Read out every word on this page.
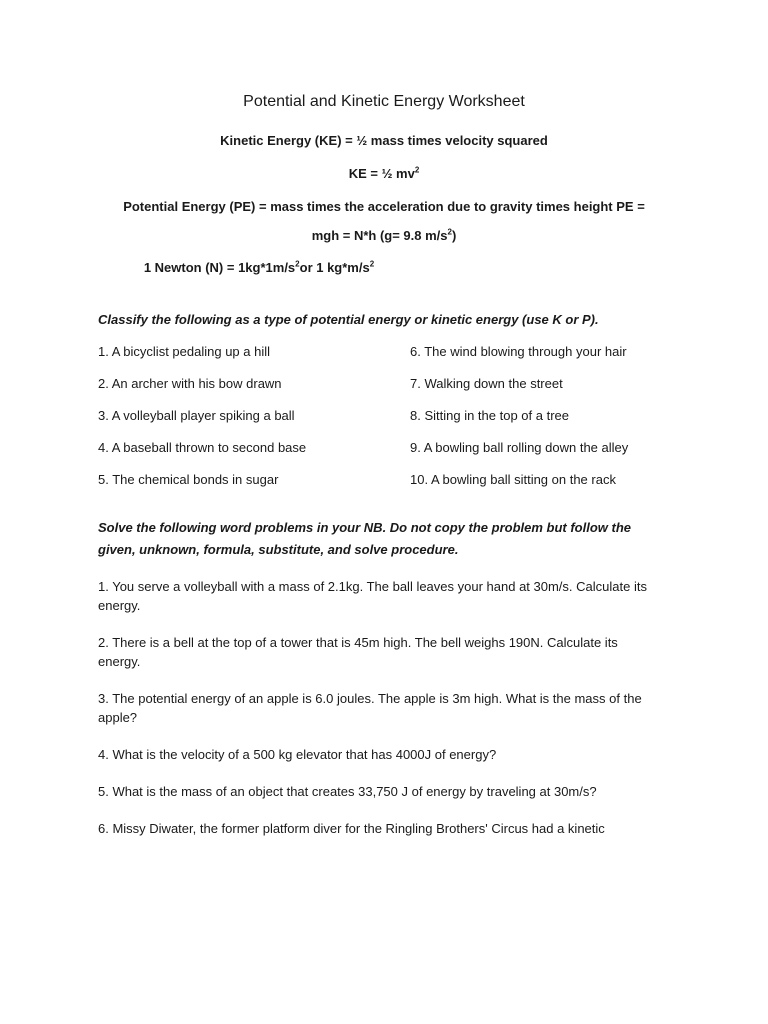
Potential and Kinetic Energy Worksheet
Kinetic Energy (KE) = ½ mass times velocity squared
KE = ½ $mv^2$
Potential Energy (PE) = mass times the acceleration due to gravity times height PE =
mgh = N*h (g= 9.8 $m/s^2$)
1 Newton $(N) = 1kg*1m/s^2or$ 1 $kg*m/s^2$
Classify the following as a type of potential energy or kinetic energy (use K or P).
1. A bicyclist pedaling up a hill
2. An archer with his bow drawn
3. A volleyball player spiking a ball
4. A baseball thrown to second base
5. The chemical bonds in sugar
6. The wind blowing through your hair
7. Walking down the street
8. Sitting in the top of a tree
9. A bowling ball rolling down the alley
10. A bowling ball sitting on the rack
Solve the following word problems in your NB. Do not copy the problem but follow the given, unknown, formula, substitute, and solve procedure.
1. You serve a volleyball with a mass of 2.1kg. The ball leaves your hand at 30m/s. Calculate its energy.
2. There is a bell at the top of a tower that is 45m high. The bell weighs 190N. Calculate its energy.
3. The potential energy of an apple is 6.0 joules. The apple is 3m high. What is the mass of the apple?
4. What is the velocity of a 500 kg elevator that has 4000J of energy?
5. What is the mass of an object that creates 33,750 J of energy by traveling at 30m/s?
6. Missy Diwater, the former platform diver for the Ringling Brothers' Circus had a kinetic
